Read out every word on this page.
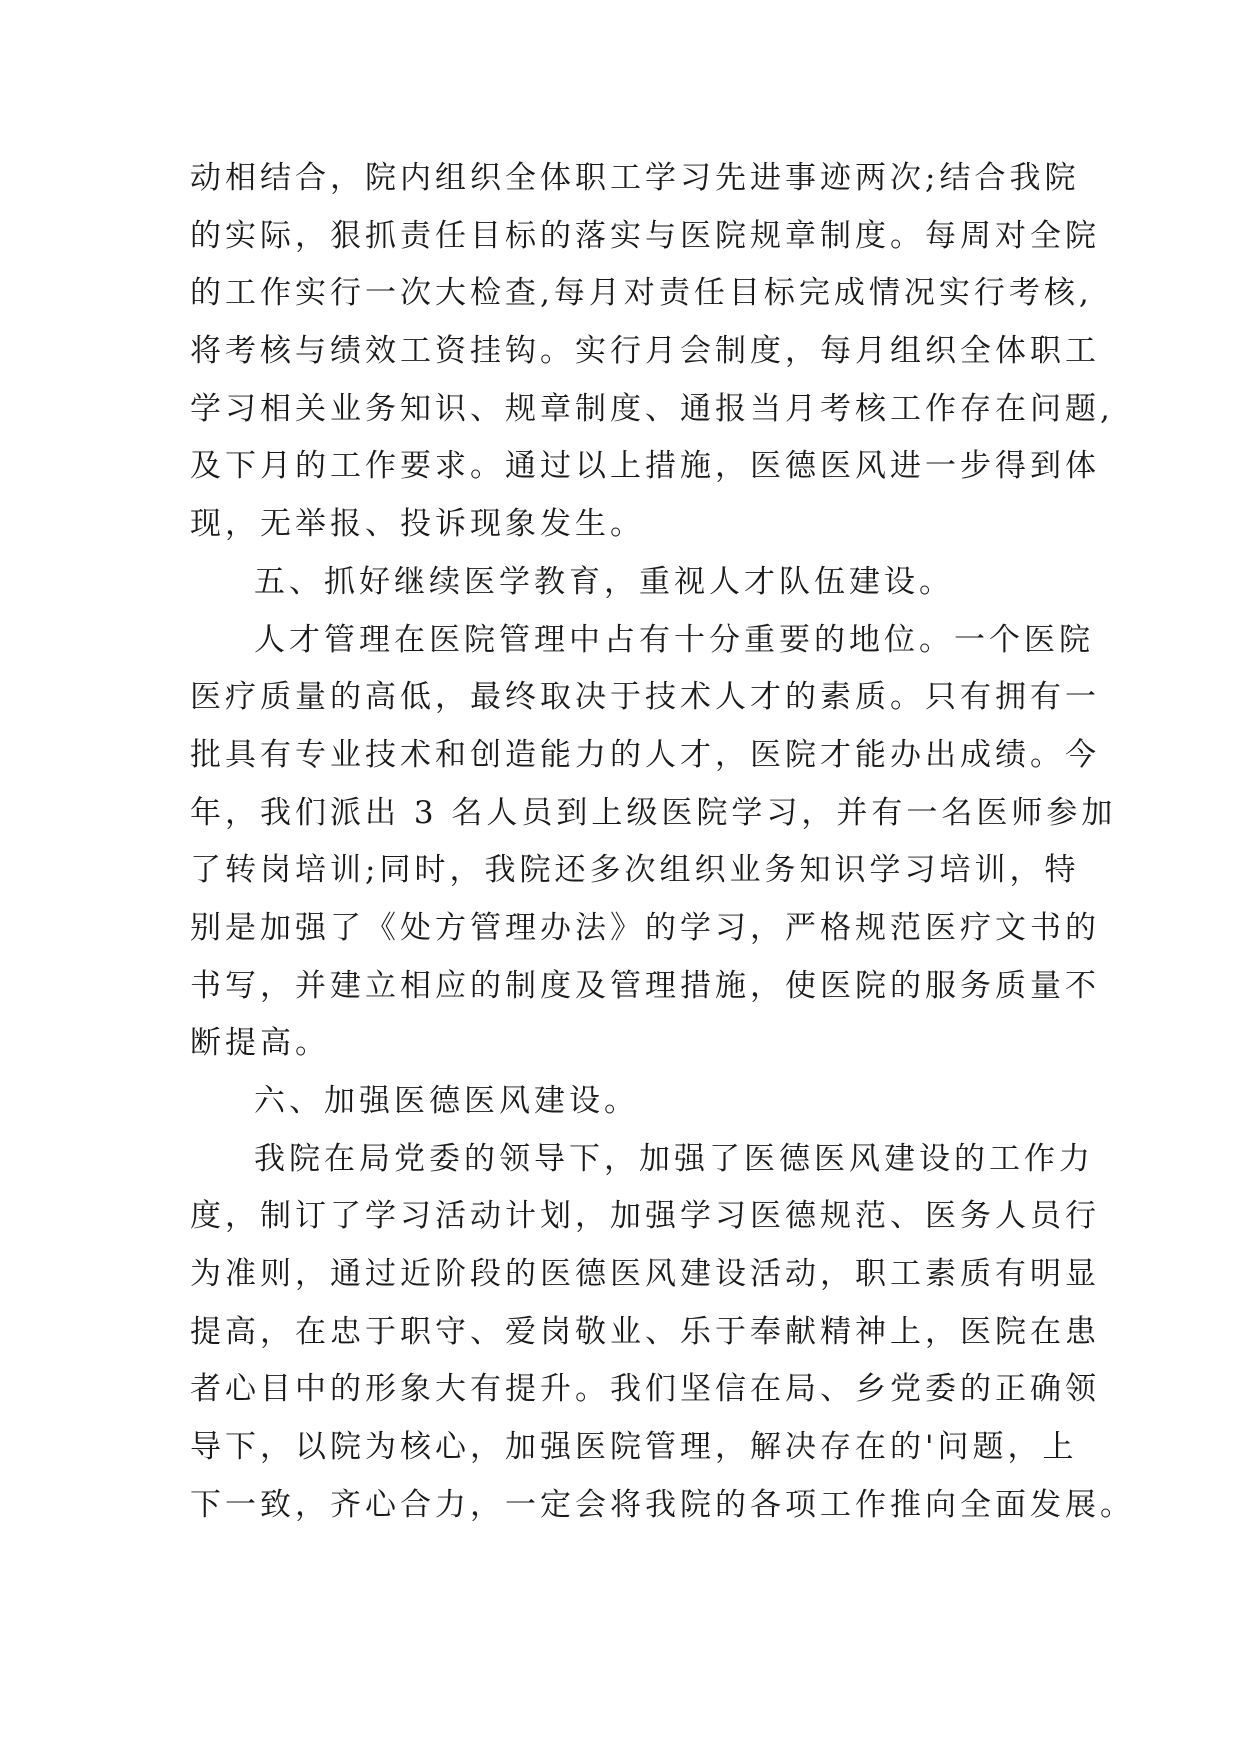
动相结合，院内组织全体职工学习先进事迹两次;结合我院
的实际，狠抓责任目标的落实与医院规章制度。每周对全院
的工作实行一次大检查,每月对责任目标完成情况实行考核,
将考核与绩效工资挂钩。实行月会制度，每月组织全体职工
学习相关业务知识、规章制度、通报当月考核工作存在问题,
及下月的工作要求。通过以上措施，医德医风进一步得到体
现，无举报、投诉现象发生。
五、抓好继续医学教育，重视人才队伍建设。
人才管理在医院管理中占有十分重要的地位。一个医院
医疗质量的高低，最终取决于技术人才的素质。只有拥有一
批具有专业技术和创造能力的人才，医院才能办出成绩。今
年，我们派出 3 名人员到上级医院学习，并有一名医师参加
了转岗培训;同时，我院还多次组织业务知识学习培训，特
别是加强了《处方管理办法》的学习，严格规范医疗文书的
书写，并建立相应的制度及管理措施，使医院的服务质量不
断提高。
六、加强医德医风建设。
我院在局党委的领导下，加强了医德医风建设的工作力
度，制订了学习活动计划，加强学习医德规范、医务人员行
为准则，通过近阶段的医德医风建设活动，职工素质有明显
提高，在忠于职守、爱岗敬业、乐于奉献精神上，医院在患
者心目中的形象大有提升。我们坚信在局、乡党委的正确领
导下，以院为核心，加强医院管理，解决存在的'问题，上
下一致，齐心合力，一定会将我院的各项工作推向全面发展。
